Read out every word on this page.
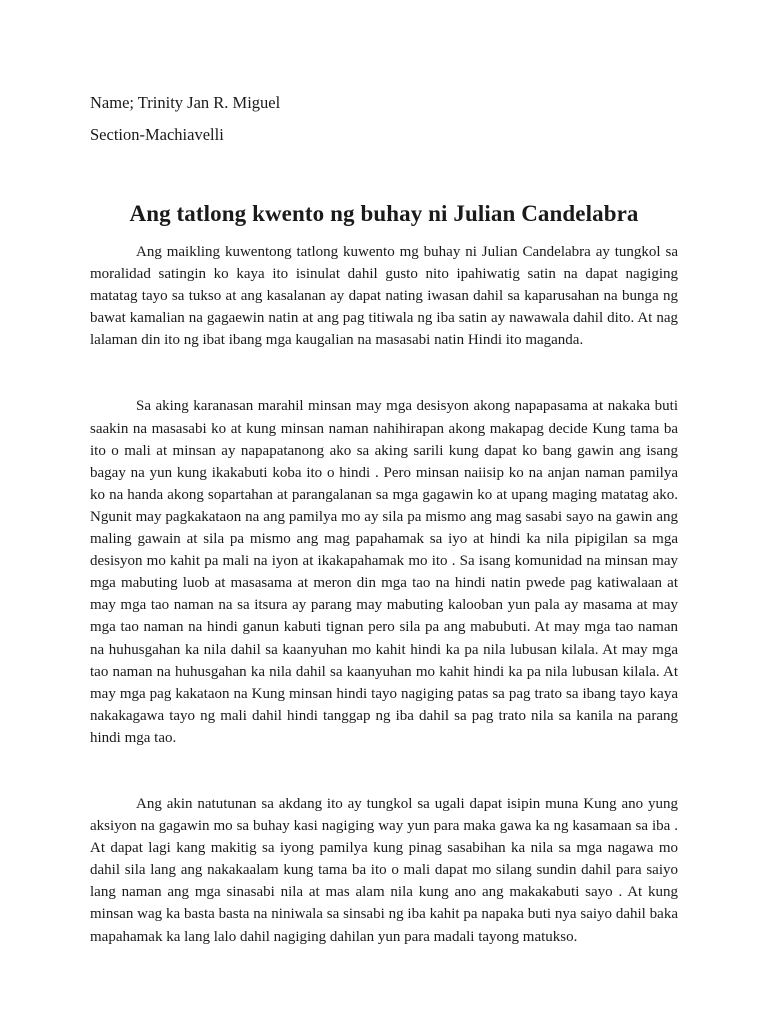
Name; Trinity Jan R. Miguel

Section-Machiavelli

Ang tatlong kwento ng buhay ni Julian Candelabra

Ang maikling kuwentong tatlong kuwento mg buhay ni Julian Candelabra ay tungkol sa moralidad satingin ko kaya ito isinulat dahil gusto nito ipahiwatig satin na dapat nagiging matatag tayo sa tukso at ang kasalanan ay dapat nating iwasan dahil sa kaparusahan na bunga ng bawat kamalian na gagaewin natin at ang pag titiwala ng iba satin ay nawawala dahil dito. At nag lalaman din ito ng ibat ibang mga kaugalian na masasabi natin Hindi ito maganda.

Sa aking karanasan marahil minsan may mga desisyon akong napapasama at nakaka buti saakin na masasabi ko at kung minsan naman nahihirapan akong makapag decide Kung tama ba ito o mali at minsan ay napapatanong ako sa aking sarili kung dapat ko bang gawin ang isang bagay na yun kung ikakabuti koba ito o hindi . Pero minsan naiisip ko na anjan naman pamilya ko na handa akong sopartahan at parangalanan sa mga gagawin ko at upang maging matatag ako. Ngunit may pagkakataon na ang pamilya mo ay sila pa mismo ang mag sasabi sayo na gawin ang maling gawain at sila pa mismo ang mag papahamak sa iyo at hindi ka nila pipigilan sa mga desisyon mo kahit pa mali na iyon at ikakapahamak mo ito . Sa isang komunidad na minsan may mga mabuting luob at masasama at meron din mga tao na hindi natin pwede pag katiwalaan at may mga tao naman na sa itsura ay parang may mabuting kalooban yun pala ay masama at may mga tao naman na hindi ganun kabuti tignan pero sila pa ang mabubuti. At may mga tao naman na huhusgahan ka nila dahil sa kaanyuhan mo kahit hindi ka pa nila lubusan kilala. At may mga tao naman na huhusgahan ka nila dahil sa kaanyuhan mo kahit hindi ka pa nila lubusan kilala. At may mga pag kakataon na Kung minsan hindi tayo nagiging patas sa pag trato sa ibang tayo kaya nakakagawa tayo ng mali dahil hindi tanggap ng iba dahil sa pag trato nila sa kanila na parang hindi mga tao.

Ang akin natutunan sa akdang ito ay tungkol sa ugali dapat isipin muna Kung ano yung aksiyon na gagawin mo sa buhay kasi nagiging way yun para maka gawa ka ng kasamaan sa iba . At dapat lagi kang makitig sa iyong pamilya kung pinag sasabihan ka nila sa mga nagawa mo dahil sila lang ang nakakaalam kung tama ba ito o mali dapat mo silang sundin dahil para saiyo lang naman ang mga sinasabi nila at mas alam nila kung ano ang makakabuti sayo . At kung minsan wag ka basta basta na niniwala sa sinsabi ng iba kahit pa napaka buti nya saiyo dahil baka mapahamak ka lang lalo dahil nagiging dahilan yun para madali tayong matukso.
